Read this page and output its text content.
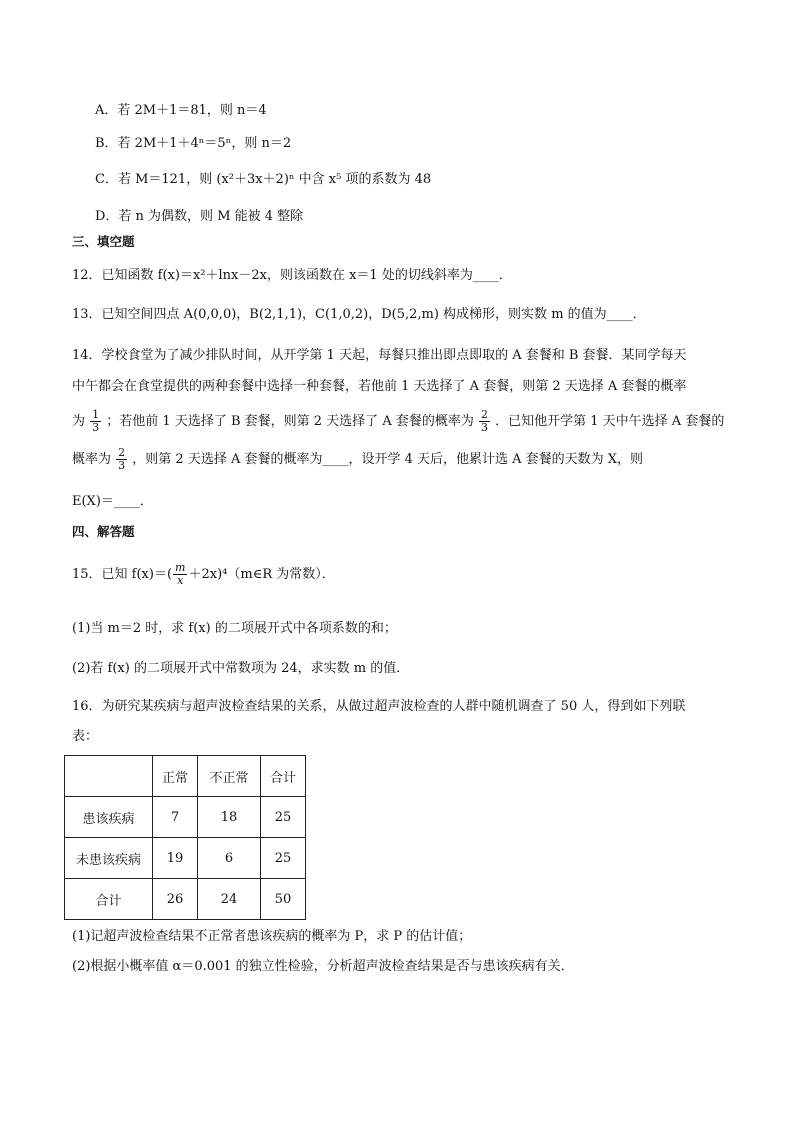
A．若 2M＋1＝81，则 n＝4
B．若 2M＋1＋4ⁿ＝5ⁿ，则 n＝2
C．若 M＝121，则 (x²＋3x＋2)ⁿ 中含 x⁵ 项的系数为 48
D．若 n 为偶数，则 M 能被 4 整除
三、填空题
12．已知函数 f(x)＝x²＋lnx－2x，则该函数在 x＝1 处的切线斜率为____．
13．已知空间四点 A(0,0,0)，B(2,1,1)，C(1,0,2)，D(5,2,m) 构成梯形，则实数 m 的值为____．
14．学校食堂为了减少排队时间，从开学第 1 天起，每餐只推出即点即取的 A 套餐和 B 套餐．某同学每天
中午都会在食堂提供的两种套餐中选择一种套餐，若他前 1 天选择了 A 套餐，则第 2 天选择 A 套餐的概率
为 $\frac{1}{3}$ ；若他前 1 天选择了 B 套餐，则第 2 天选择了 A 套餐的概率为 $\frac{2}{3}$ ．已知他开学第 1 天中午选择 A 套餐的
概率为 $\frac{2}{3}$ ，则第 2 天选择 A 套餐的概率为____，设开学 4 天后，他累计选 A 套餐的天数为 X，则
E(X)＝____．
四、解答题
15．已知 $f(x)=( \frac{m}{x}$ ＋2x)⁴（m∈R 为常数）．
(1)当 m＝2 时，求 f(x) 的二项展开式中各项系数的和；
(2)若 f(x) 的二项展开式中常数项为 24，求实数 m 的值．
16．为研究某疾病与超声波检查结果的关系，从做过超声波检查的人群中随机调查了 50 人，得到如下列联
表：
	正常	不正常	合计
患该疾病	7	18	25
未患该疾病	19	6	25
合计	26	24	50
(1)记超声波检查结果不正常者患该疾病的概率为 P，求 P 的估计值；
(2)根据小概率值 α＝0.001 的独立性检验，分析超声波检查结果是否与患该疾病有关．
